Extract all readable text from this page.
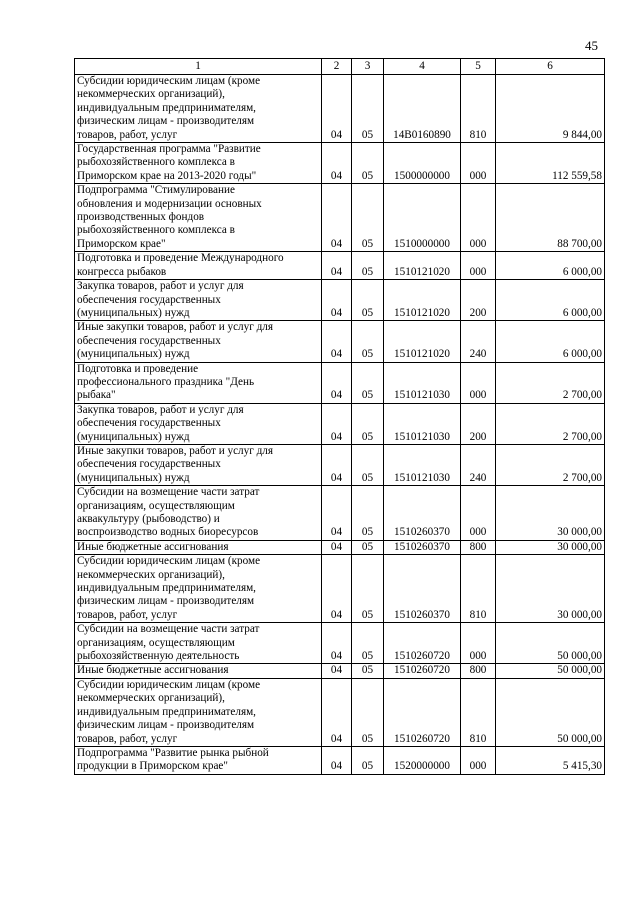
45
1	2	3	4	5	6
Субсидии юридическим лицам (кроме
некоммерческих организаций),
индивидуальным предпринимателям,
физическим лицам - производителям
товаров, работ, услуг	04	05	14B0160890	810	9 844,00
Государственная программа "Развитие
рыбохозяйственного комплекса в
Приморском крае на 2013-2020 годы"	04	05	1500000000	000	112 559,58
Подпрограмма "Стимулирование
обновления и модернизации основных
производственных фондов
рыбохозяйственного комплекса в
Приморском крае"	04	05	1510000000	000	88 700,00
Подготовка и проведение Международного
конгресса рыбаков	04	05	1510121020	000	6 000,00
Закупка товаров, работ и услуг для
обеспечения государственных
(муниципальных) нужд	04	05	1510121020	200	6 000,00
Иные закупки товаров, работ и услуг для
обеспечения государственных
(муниципальных) нужд	04	05	1510121020	240	6 000,00
Подготовка и проведение
профессионального праздника "День
рыбака"	04	05	1510121030	000	2 700,00
Закупка товаров, работ и услуг для
обеспечения государственных
(муниципальных) нужд	04	05	1510121030	200	2 700,00
Иные закупки товаров, работ и услуг для
обеспечения государственных
(муниципальных) нужд	04	05	1510121030	240	2 700,00
Субсидии на возмещение части затрат
организациям, осуществляющим
аквакультуру (рыбоводство) и
воспроизводство водных биоресурсов	04	05	1510260370	000	30 000,00
Иные бюджетные ассигнования	04	05	1510260370	800	30 000,00
Субсидии юридическим лицам (кроме
некоммерческих организаций),
индивидуальным предпринимателям,
физическим лицам - производителям
товаров, работ, услуг	04	05	1510260370	810	30 000,00
Субсидии на возмещение части затрат
организациям, осуществляющим
рыбохозяйственную деятельность	04	05	1510260720	000	50 000,00
Иные бюджетные ассигнования	04	05	1510260720	800	50 000,00
Субсидии юридическим лицам (кроме
некоммерческих организаций),
индивидуальным предпринимателям,
физическим лицам - производителям
товаров, работ, услуг	04	05	1510260720	810	50 000,00
Подпрограмма "Развитие рынка рыбной
продукции в Приморском крае"	04	05	1520000000	000	5 415,30
